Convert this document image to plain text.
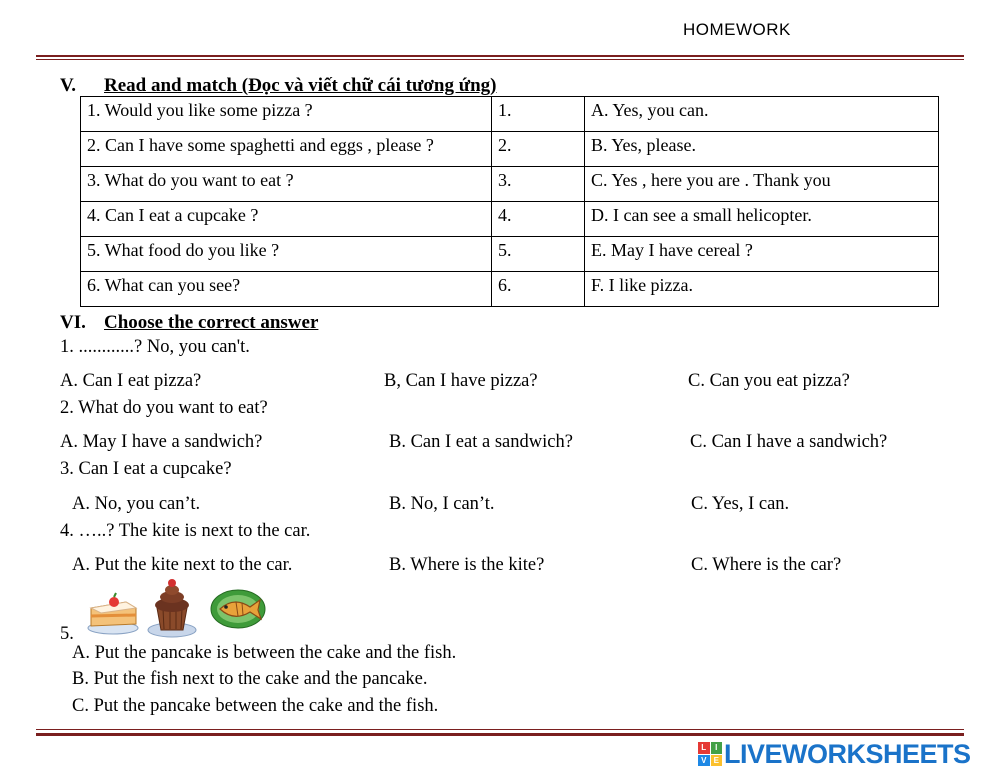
HOMEWORK
V. Read and match (Đọc và viết chữ cái tương ứng)
1. Would you like some pizza ?	1.	A. Yes, you can.
2. Can I have some spaghetti and eggs , please ?	2.	B. Yes, please.
3. What do you want to eat ?	3.	C. Yes , here you are . Thank you
4. Can I eat a cupcake ?	4.	D. I can see a small helicopter.
5. What food do you like ?	5.	E. May I have cereal ?
6. What can you see?	6.	F. I like pizza.
VI. Choose the correct answer
1. ............? No, you can't.
A. Can I eat pizza?	B, Can I have pizza?	C. Can you eat pizza?
2. What do you want to eat?
A. May I have a sandwich?	B. Can I eat a sandwich?	C. Can I have a sandwich?
3. Can I eat a cupcake?
A. No, you can’t.	B. No, I can’t.	C. Yes, I can.
4. …..? The kite is next to the car.
A. Put the kite next to the car.	B. Where is the kite?	C. Where is the car?
5.
A. Put the pancake is between the cake and the fish.
B. Put the fish next to the cake and the pancake.
C. Put the pancake between the cake and the fish.
L	I
V E LIVEWORKSHEETS
